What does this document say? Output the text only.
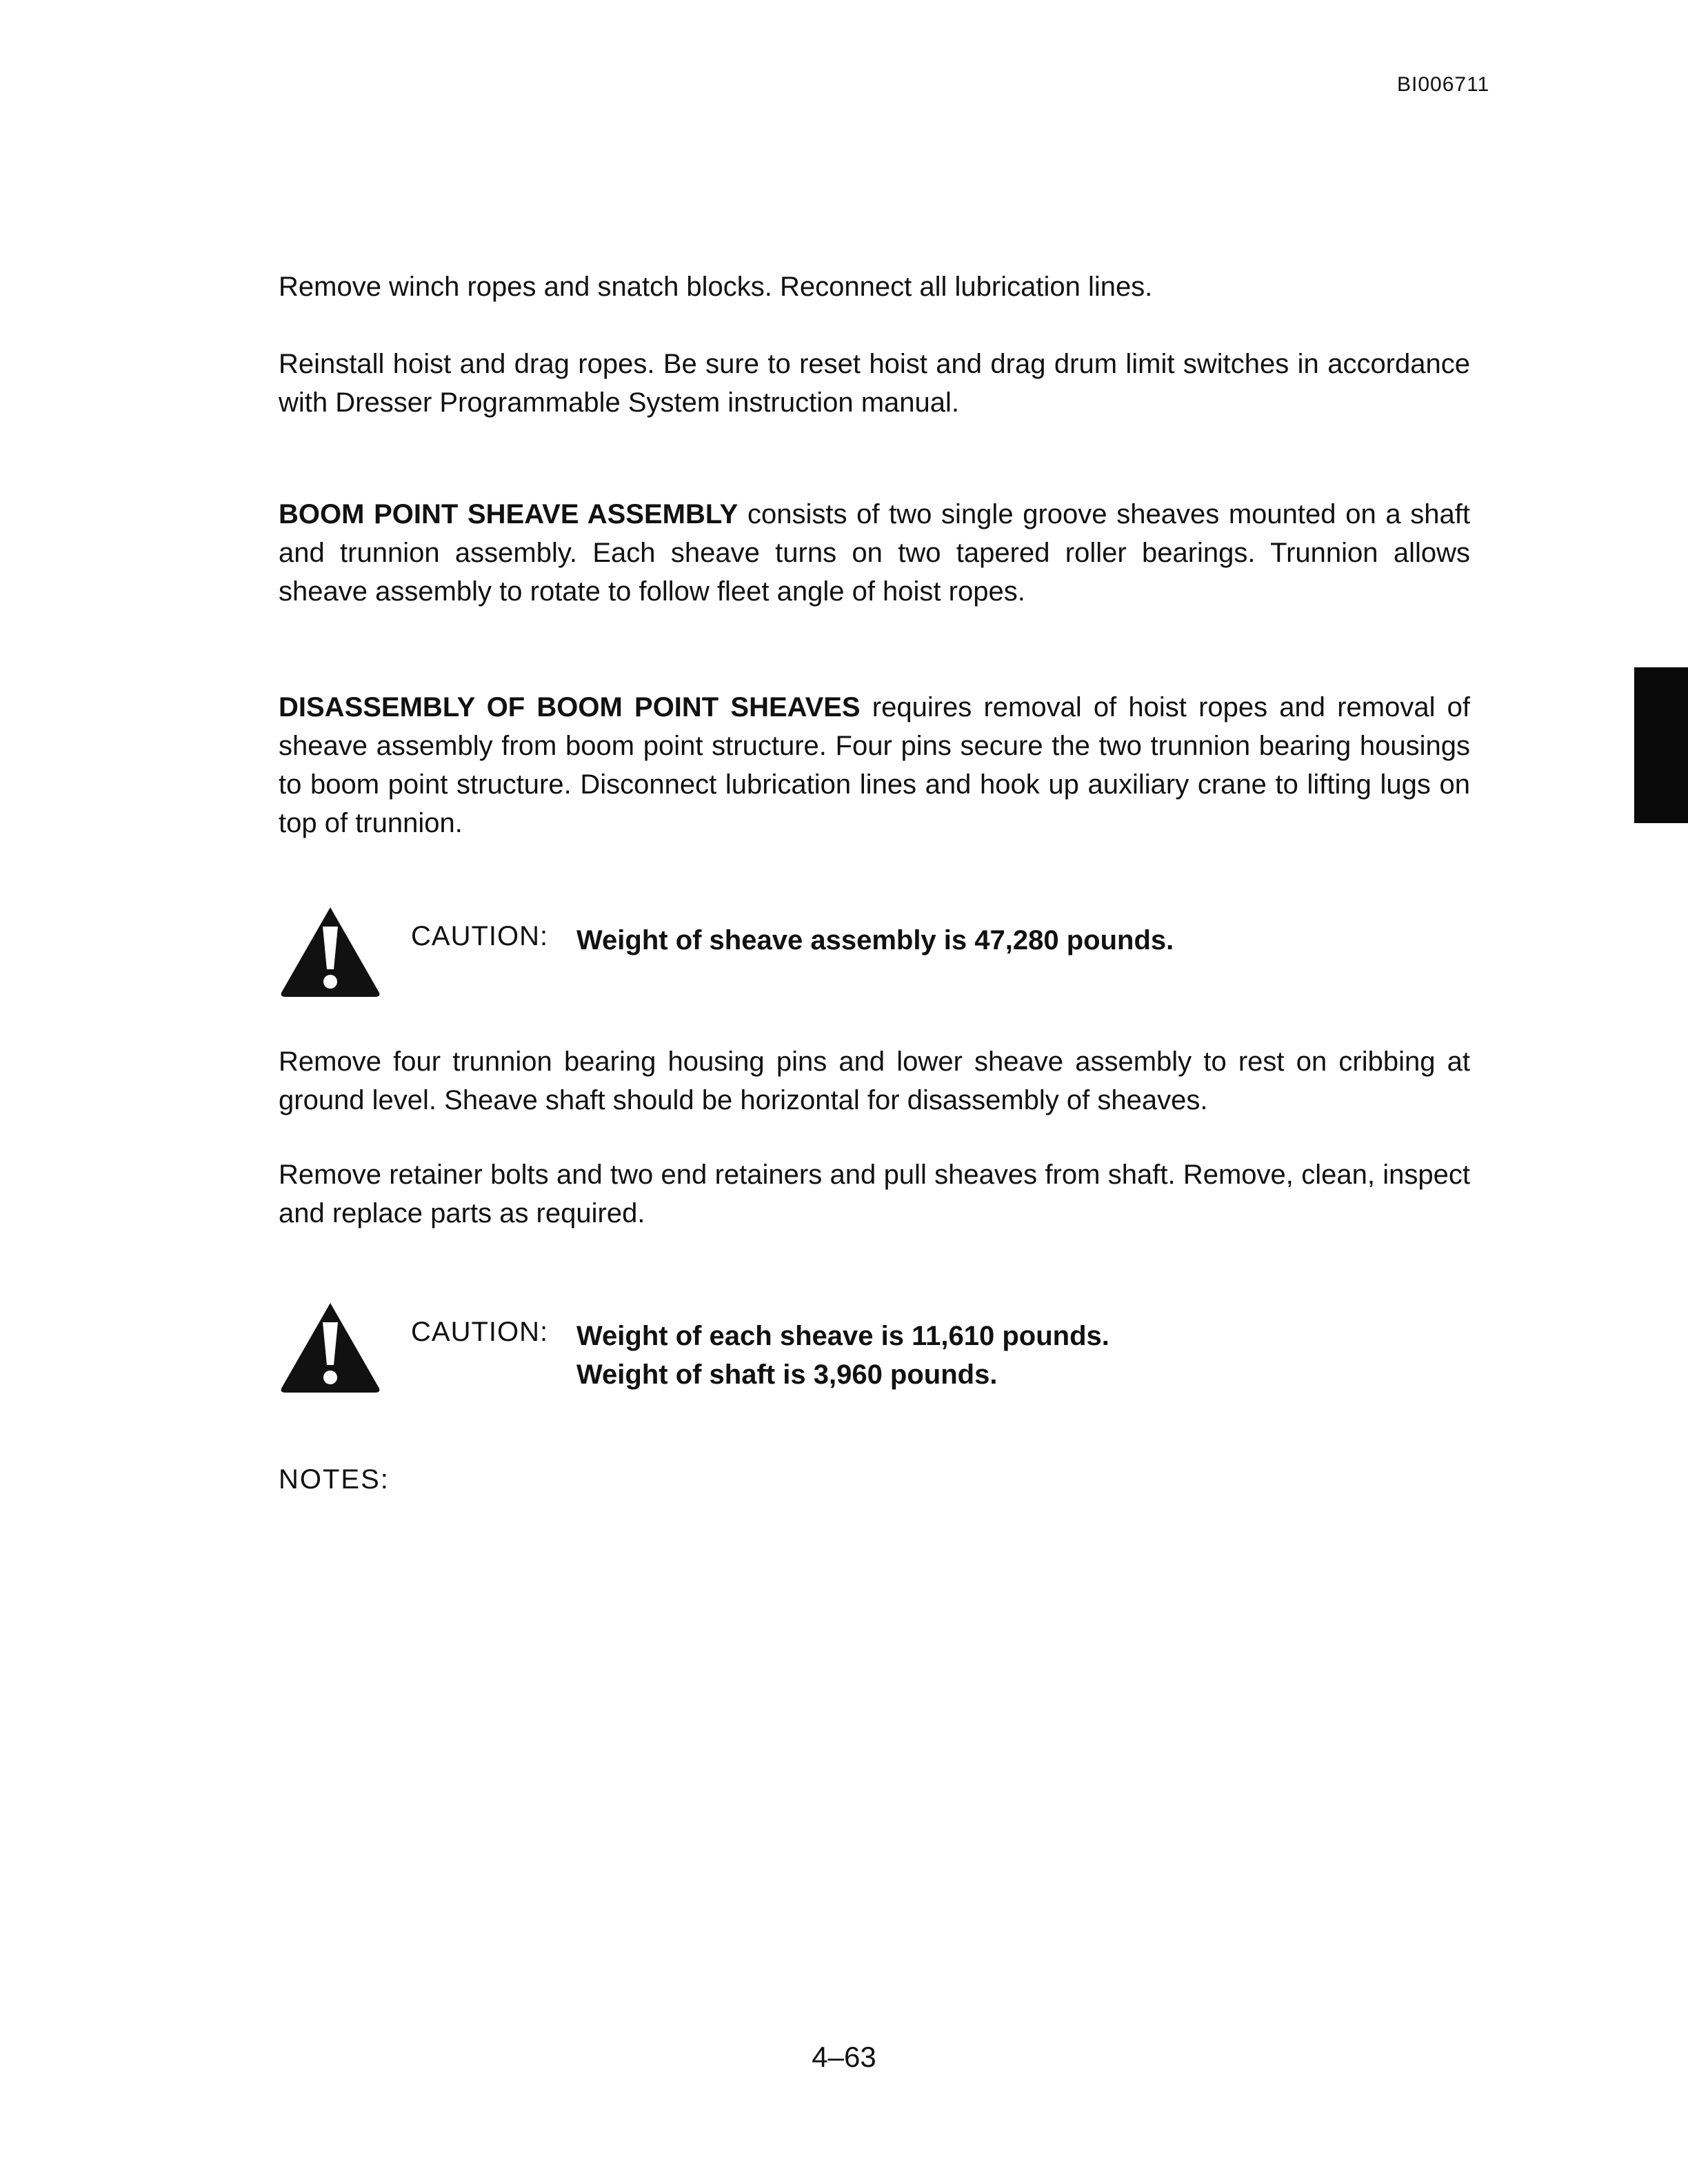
BI006711

Remove winch ropes and snatch blocks. Reconnect all lubrication lines.

Reinstall hoist and drag ropes. Be sure to reset hoist and drag drum limit switches in accordance with Dresser Programmable System instruction manual.

BOOM POINT SHEAVE ASSEMBLY consists of two single groove sheaves mounted on a shaft and trunnion assembly. Each sheave turns on two tapered roller bearings. Trunnion allows sheave assembly to rotate to follow fleet angle of hoist ropes.

DISASSEMBLY OF BOOM POINT SHEAVES requires removal of hoist ropes and removal of sheave assembly from boom point structure. Four pins secure the two trunnion bearing housings to boom point structure. Disconnect lubrication lines and hook up auxiliary crane to lifting lugs on top of trunnion.

CAUTION: Weight of sheave assembly is 47,280 pounds.

Remove four trunnion bearing housing pins and lower sheave assembly to rest on cribbing at ground level. Sheave shaft should be horizontal for disassembly of sheaves.

Remove retainer bolts and two end retainers and pull sheaves from shaft. Remove, clean, inspect and replace parts as required.

CAUTION: Weight of each sheave is 11,610 pounds.
Weight of shaft is 3,960 pounds.
NOTES:
4–63
